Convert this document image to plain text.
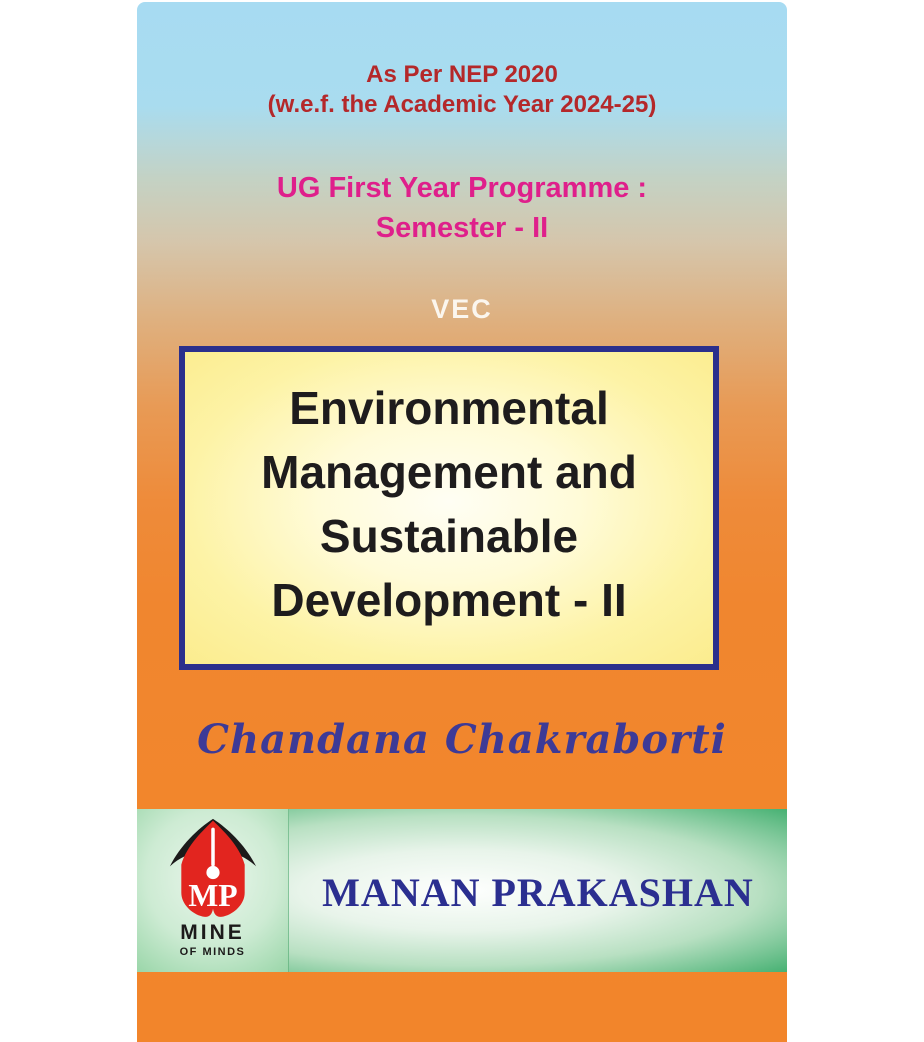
As Per NEP 2020
(w.e.f. the Academic Year 2024-25)
UG First Year Programme :
Semester - II
VEC
Environmental
Management and
Sustainable
Development - II
Chandana Chakraborti
MP
MINE
OF MINDS
MANAN PRAKASHAN
